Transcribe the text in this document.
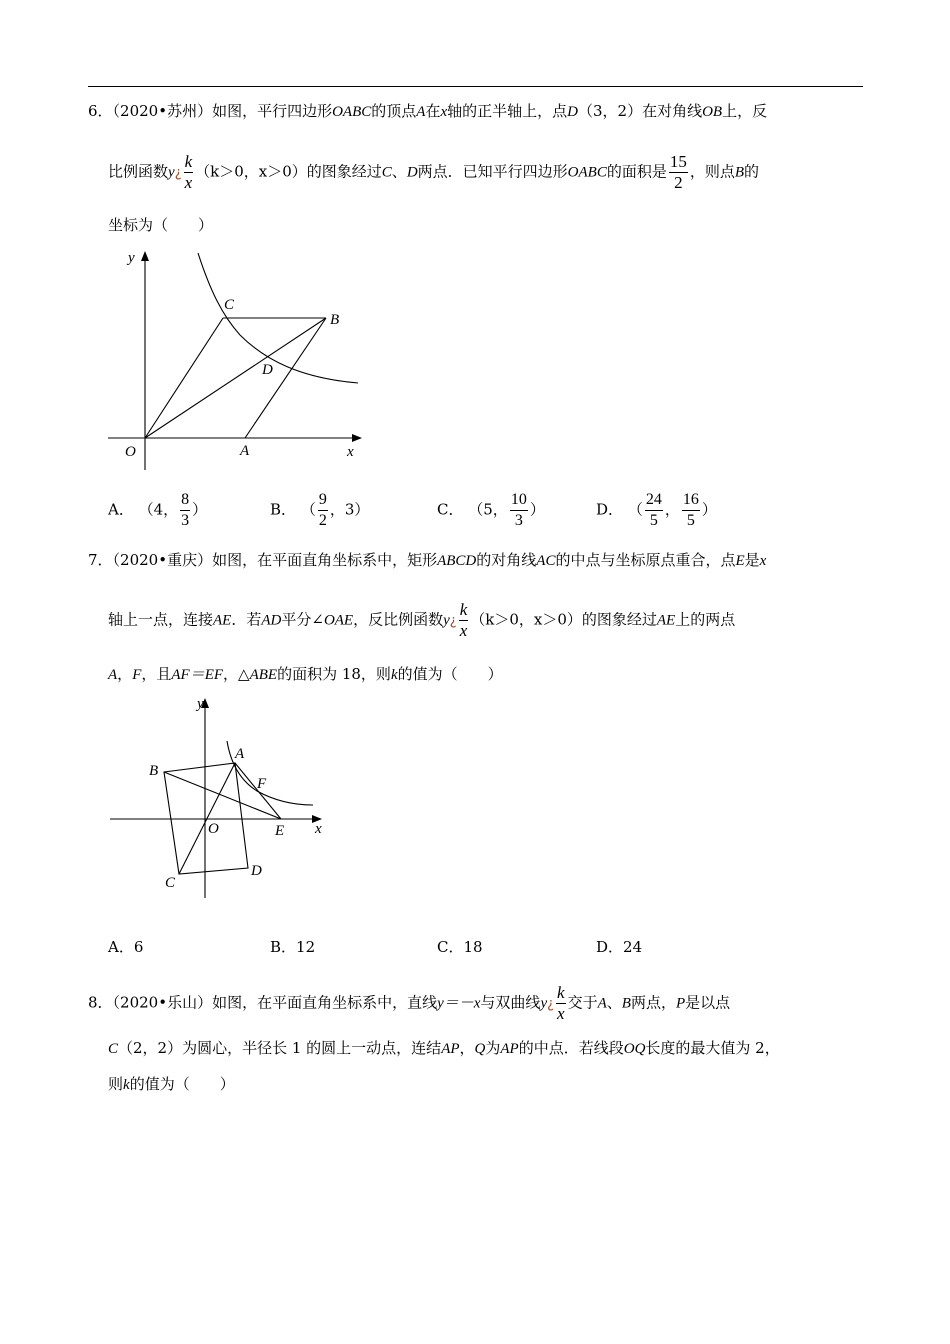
6．（2020•苏州）如图，平行四边形OABC的顶点A在x轴的正半轴上，点D（3，2）在对角线OB上，反
比例函数y¿ $\frac{k}{x} (k>0$，x＞0）的图象经过C、D两点．已知平行四边形OABC的面积是 $\frac{15}{2}$ ，则点B的
坐标为（　　）
y
C
B
D
O	A	x
A． （4， $\frac{8}{3}$ ）	B． （ $\frac{9}{2}$ ，3）	C． （5， $\frac{10}{3}$ ）	D． （ $\frac{24}{5}$ ， $\frac{16}{5}$ ）
7．（2020•重庆）如图，在平面直角坐标系中，矩形ABCD的对角线AC的中点与坐标原点重合，点E是x
轴上一点，连接AE．若AD平分∠OAE，反比例函数y¿ $\frac{k}{x} (k>0$，x＞0）的图象经过AE上的两点
A，F，且AF＝EF，△ABE的面积为 18，则k的值为（　　）
y
A
B
F
O	E x
C
D
A．6	B．12	C．18	D．24
8．（2020•乐山）如图，在平面直角坐标系中，直线y＝－x与双曲线y¿ $\frac{k}{x}$ 交于A、B两点，P是以点
C（2，2）为圆心，半径长 1 的圆上一动点，连结AP，Q为AP的中点．若线段OQ长度的最大值为 2，
则k的值为（　　）
